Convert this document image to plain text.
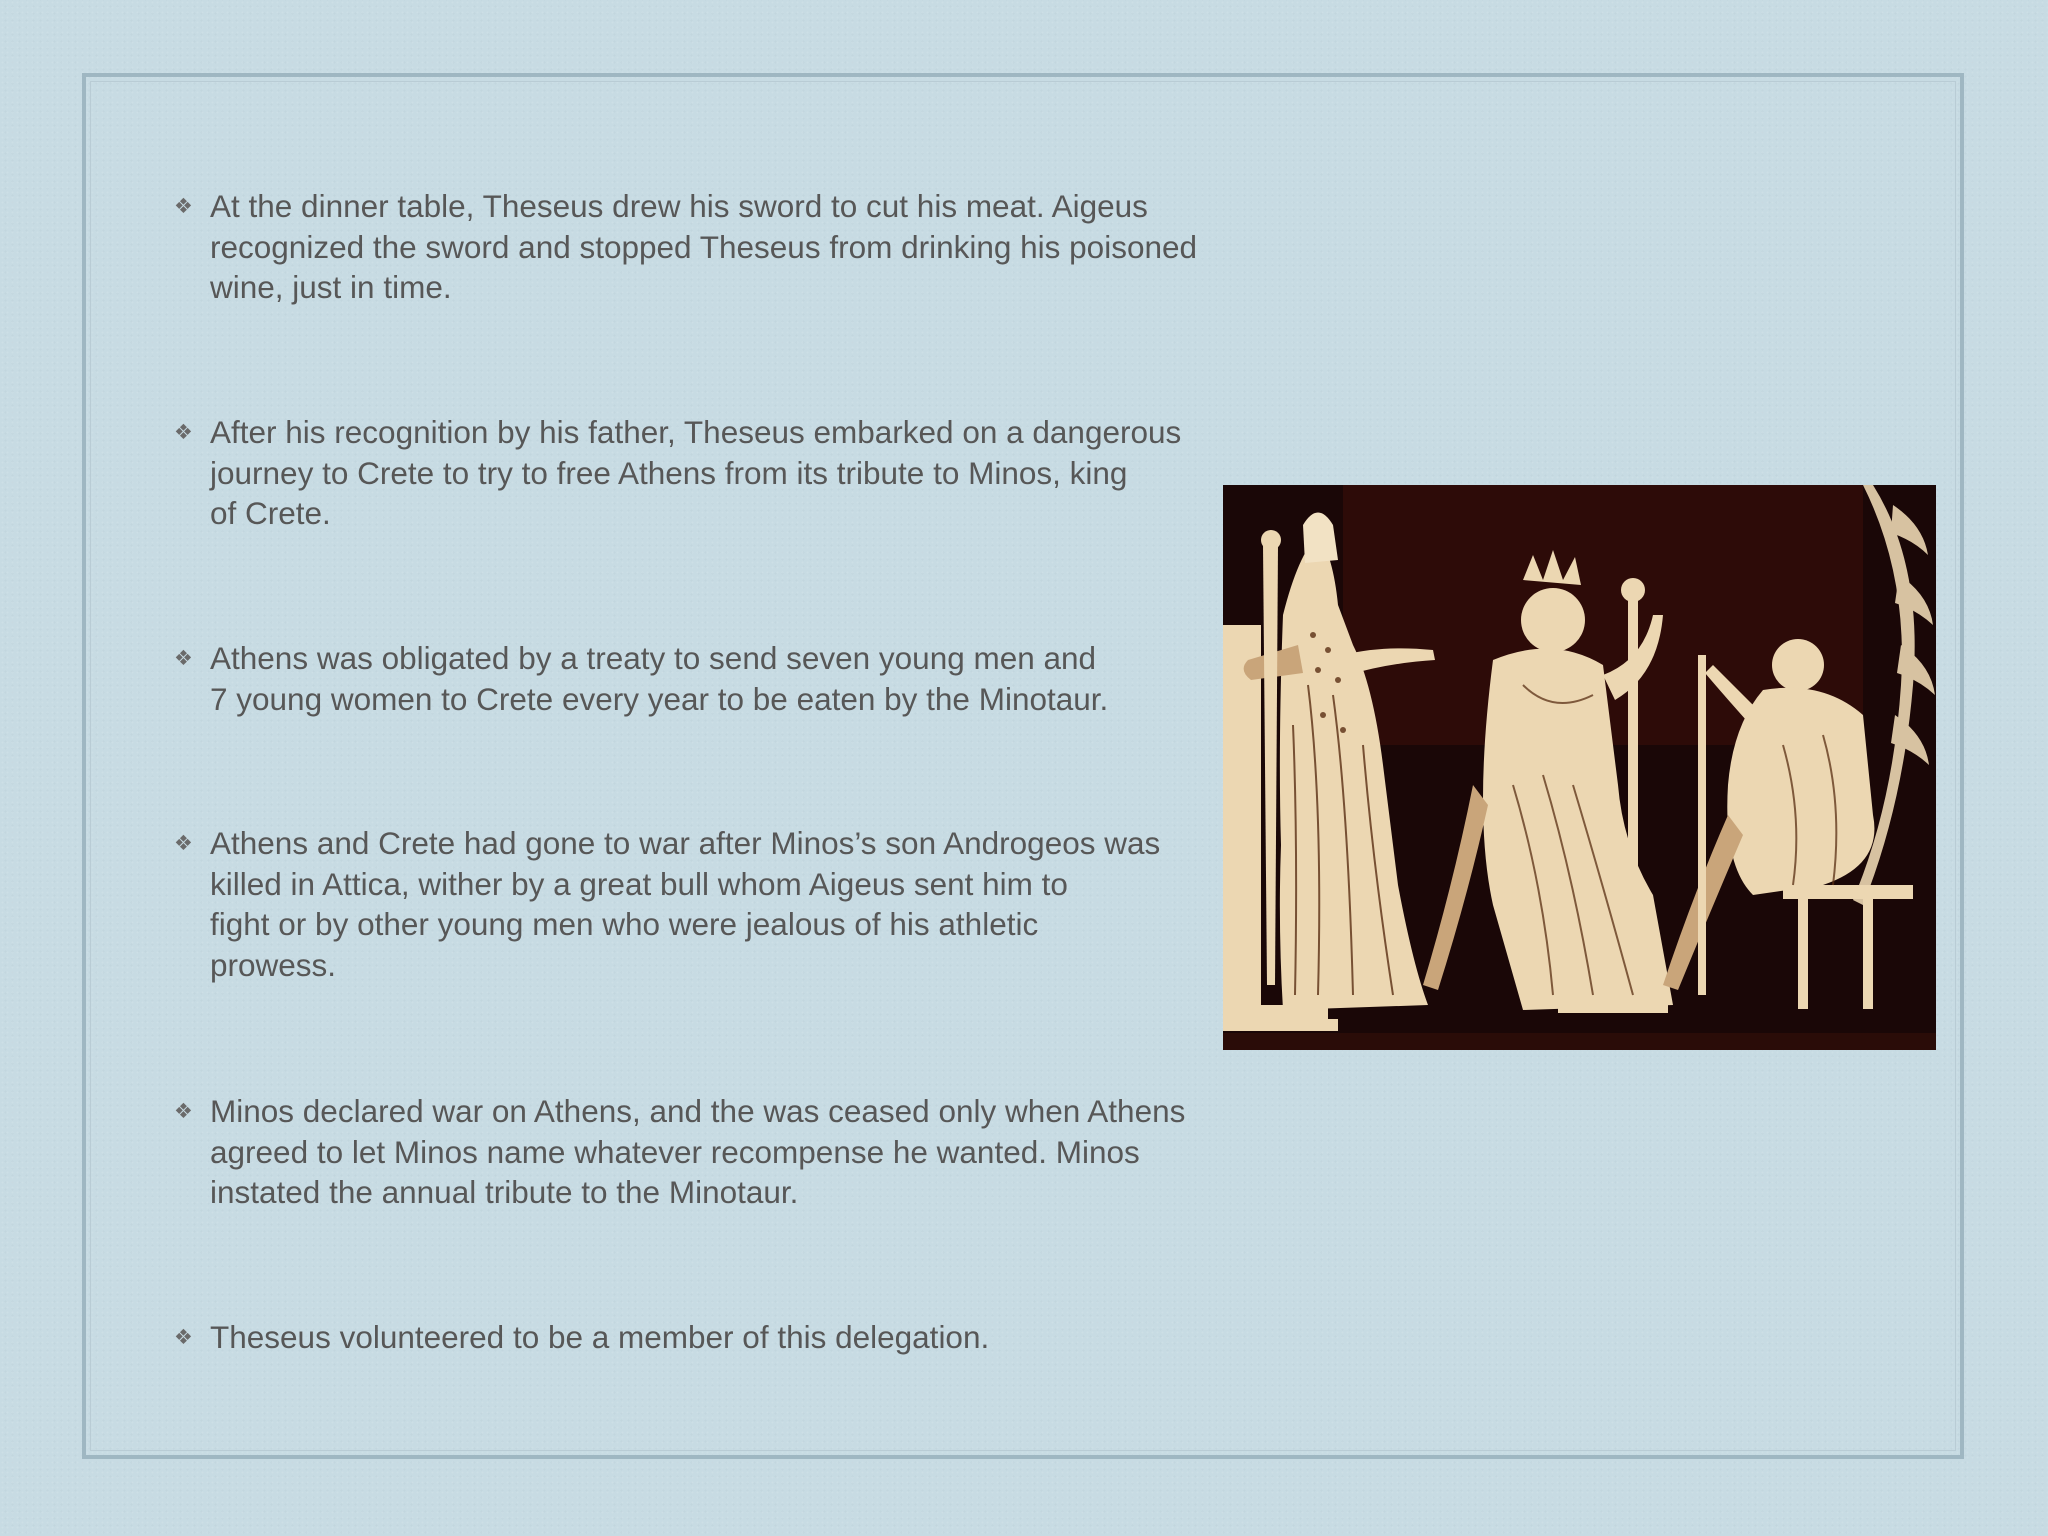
❖ At the dinner table, Theseus drew his sword to cut his meat. Aigeus
recognized the sword and stopped Theseus from drinking his poisoned
wine, just in time.
❖ After his recognition by his father, Theseus embarked on a dangerous
journey to Crete to try to free Athens from its tribute to Minos, king
of Crete.
❖ Athens was obligated by a treaty to send seven young men and
7 young women to Crete every year to be eaten by the Minotaur.
❖ Athens and Crete had gone to war after Minos’s son Androgeos was
killed in Attica, wither by a great bull whom Aigeus sent him to
fight or by other young men who were jealous of his athletic
prowess.
❖ Minos declared war on Athens, and the was ceased only when Athens
agreed to let Minos name whatever recompense he wanted. Minos
instated the annual tribute to the Minotaur.
❖ Theseus volunteered to be a member of this delegation.
